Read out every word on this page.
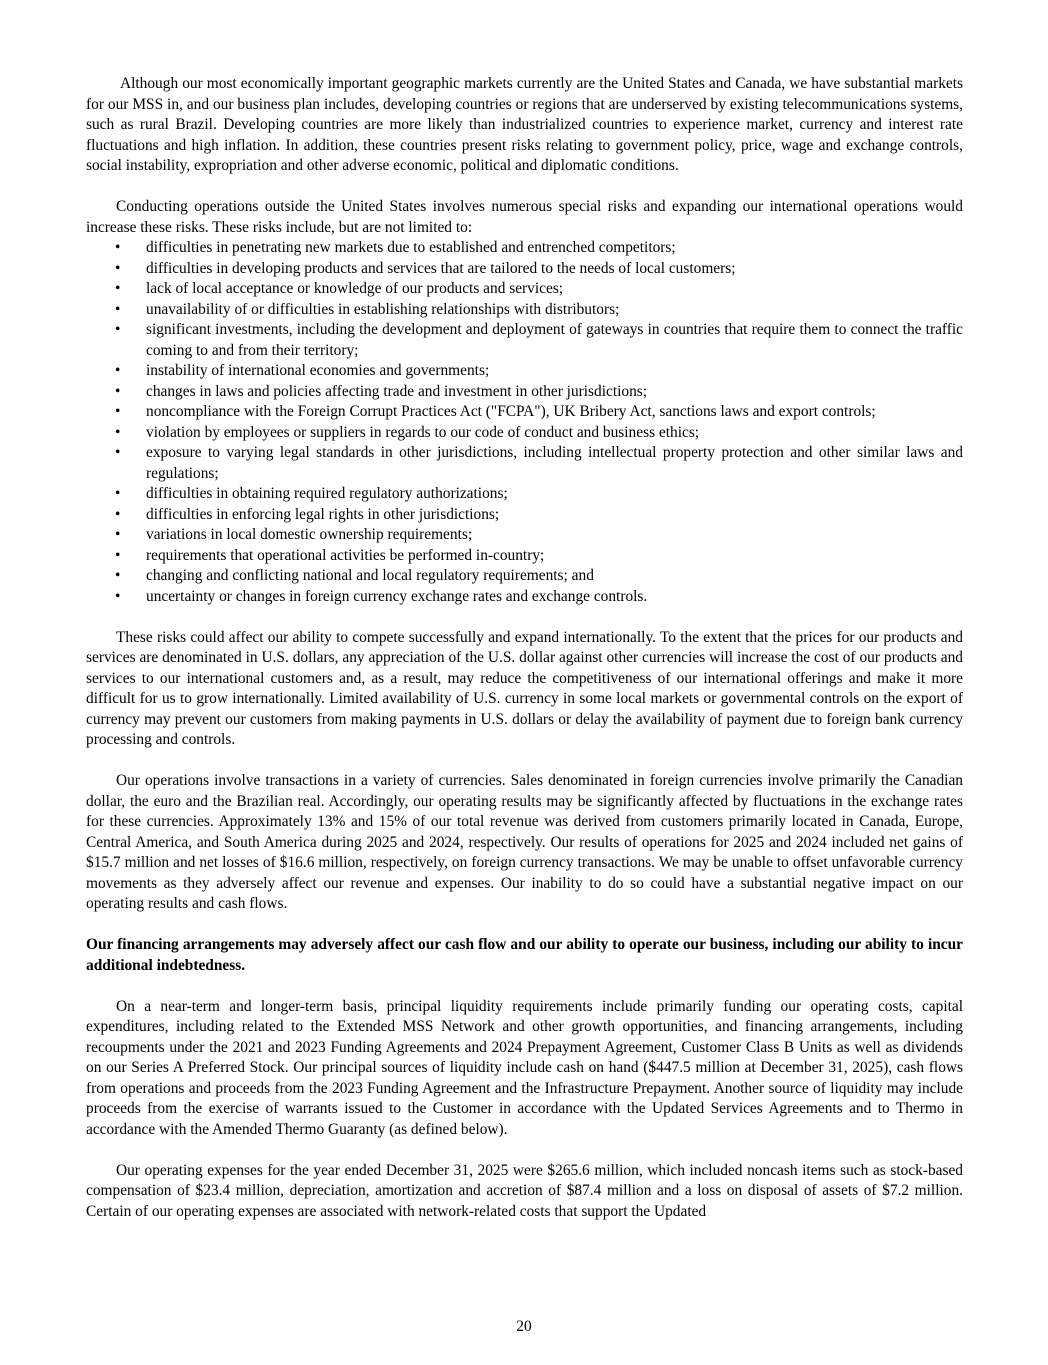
Although our most economically important geographic markets currently are the United States and Canada, we have substantial markets for our MSS in, and our business plan includes, developing countries or regions that are underserved by existing telecommunications systems, such as rural Brazil. Developing countries are more likely than industrialized countries to experience market, currency and interest rate fluctuations and high inflation. In addition, these countries present risks relating to government policy, price, wage and exchange controls, social instability, expropriation and other adverse economic, political and diplomatic conditions.

Conducting operations outside the United States involves numerous special risks and expanding our international operations would increase these risks. These risks include, but are not limited to:

• difficulties in penetrating new markets due to established and entrenched competitors;
• difficulties in developing products and services that are tailored to the needs of local customers;
• lack of local acceptance or knowledge of our products and services;
• unavailability of or difficulties in establishing relationships with distributors;
• significant investments, including the development and deployment of gateways in countries that require them to connect the traffic coming to and from their territory;
• instability of international economies and governments;
• changes in laws and policies affecting trade and investment in other jurisdictions;
• noncompliance with the Foreign Corrupt Practices Act ("FCPA"), UK Bribery Act, sanctions laws and export controls;
• violation by employees or suppliers in regards to our code of conduct and business ethics;
• exposure to varying legal standards in other jurisdictions, including intellectual property protection and other similar laws and regulations;
• difficulties in obtaining required regulatory authorizations;
• difficulties in enforcing legal rights in other jurisdictions;
• variations in local domestic ownership requirements;
• requirements that operational activities be performed in-country;
• changing and conflicting national and local regulatory requirements; and
• uncertainty or changes in foreign currency exchange rates and exchange controls.

These risks could affect our ability to compete successfully and expand internationally. To the extent that the prices for our products and services are denominated in U.S. dollars, any appreciation of the U.S. dollar against other currencies will increase the cost of our products and services to our international customers and, as a result, may reduce the competitiveness of our international offerings and make it more difficult for us to grow internationally. Limited availability of U.S. currency in some local markets or governmental controls on the export of currency may prevent our customers from making payments in U.S. dollars or delay the availability of payment due to foreign bank currency processing and controls.

Our operations involve transactions in a variety of currencies. Sales denominated in foreign currencies involve primarily the Canadian dollar, the euro and the Brazilian real. Accordingly, our operating results may be significantly affected by fluctuations in the exchange rates for these currencies. Approximately 13% and 15% of our total revenue was derived from customers primarily located in Canada, Europe, Central America, and South America during 2025 and 2024, respectively. Our results of operations for 2025 and 2024 included net gains of $15.7 million and net losses of $16.6 million, respectively, on foreign currency transactions. We may be unable to offset unfavorable currency movements as they adversely affect our revenue and expenses. Our inability to do so could have a substantial negative impact on our operating results and cash flows.

Our financing arrangements may adversely affect our cash flow and our ability to operate our business, including our ability to incur additional indebtedness.

On a near-term and longer-term basis, principal liquidity requirements include primarily funding our operating costs, capital expenditures, including related to the Extended MSS Network and other growth opportunities, and financing arrangements, including recoupments under the 2021 and 2023 Funding Agreements and 2024 Prepayment Agreement, Customer Class B Units as well as dividends on our Series A Preferred Stock. Our principal sources of liquidity include cash on hand ($447.5 million at December 31, 2025), cash flows from operations and proceeds from the 2023 Funding Agreement and the Infrastructure Prepayment. Another source of liquidity may include proceeds from the exercise of warrants issued to the Customer in accordance with the Updated Services Agreements and to Thermo in accordance with the Amended Thermo Guaranty (as defined below).

Our operating expenses for the year ended December 31, 2025 were $265.6 million, which included noncash items such as stock-based compensation of $23.4 million, depreciation, amortization and accretion of $87.4 million and a loss on disposal of assets of $7.2 million. Certain of our operating expenses are associated with network-related costs that support the Updated

20
